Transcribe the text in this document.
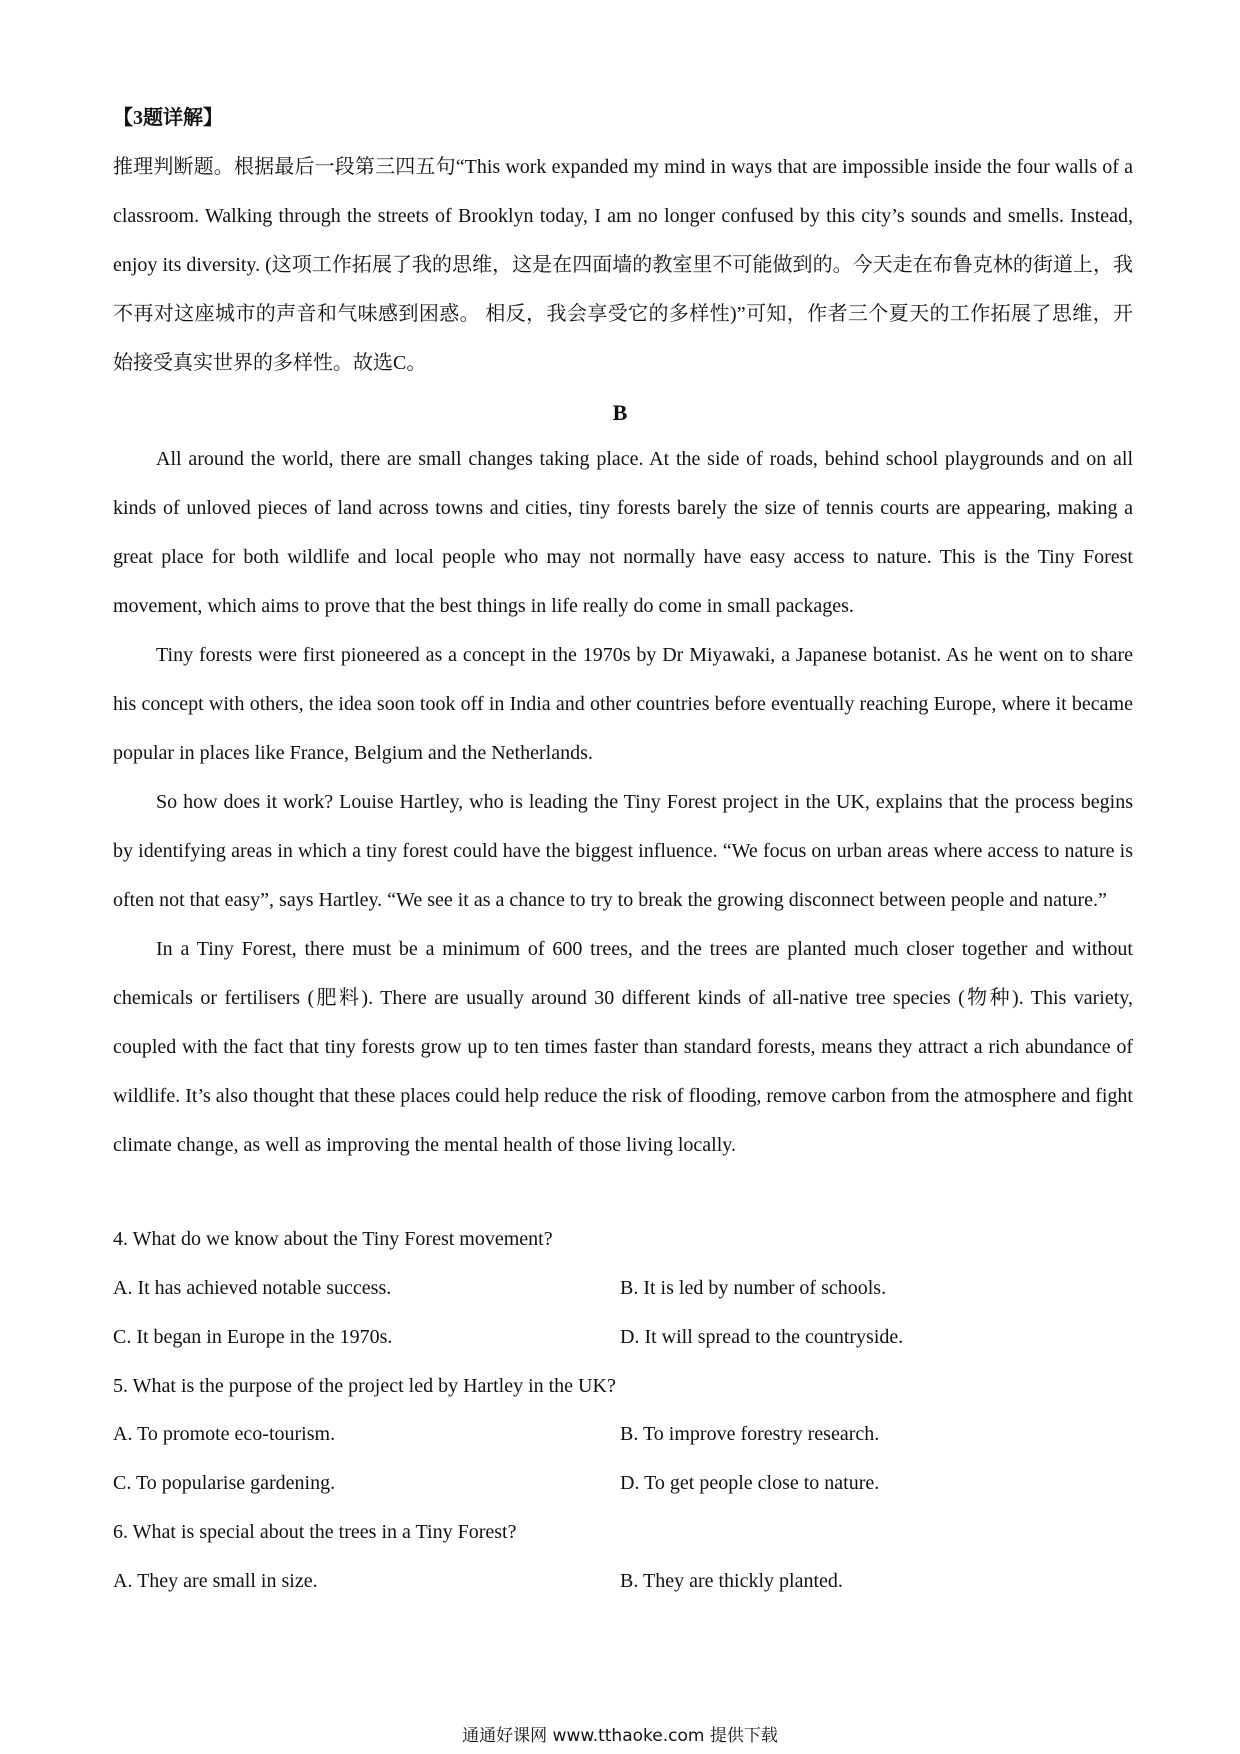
【3题详解】

推理判断题。根据最后一段第三四五句“This work expanded my mind in ways that are impossible inside the four walls of a classroom. Walking through the streets of Brooklyn today, I am no longer confused by this city’s sounds and smells. Instead, enjoy its diversity. (这项工作拓展了我的思维，这是在四面墙的教室里不可能做到的。今天走在布鲁克林的街道上，我不再对这座城市的声音和气味感到困惑。 相反，我会享受它的多样性)”可知，作者三个夏天的工作拓展了思维，开始接受真实世界的多样性。故选C。

B

All around the world, there are small changes taking place. At the side of roads, behind school playgrounds and on all kinds of unloved pieces of land across towns and cities, tiny forests barely the size of tennis courts are appearing, making a great place for both wildlife and local people who may not normally have easy access to nature. This is the Tiny Forest movement, which aims to prove that the best things in life really do come in small packages.

Tiny forests were first pioneered as a concept in the 1970s by Dr Miyawaki, a Japanese botanist. As he went on to share his concept with others, the idea soon took off in India and other countries before eventually reaching Europe, where it became popular in places like France, Belgium and the Netherlands.

So how does it work? Louise Hartley, who is leading the Tiny Forest project in the UK, explains that the process begins by identifying areas in which a tiny forest could have the biggest influence. “We focus on urban areas where access to nature is often not that easy”, says Hartley. “We see it as a chance to try to break the growing disconnect between people and nature.”

In a Tiny Forest, there must be a minimum of 600 trees, and the trees are planted much closer together and without chemicals or fertilisers (肥料). There are usually around 30 different kinds of all-native tree species (物种). This variety, coupled with the fact that tiny forests grow up to ten times faster than standard forests, means they attract a rich abundance of wildlife. It’s also thought that these places could help reduce the risk of flooding, remove carbon from the atmosphere and fight climate change, as well as improving the mental health of those living locally.

4. What do we know about the Tiny Forest movement?
A. It has achieved notable success.	B. It is led by number of schools.
C. It began in Europe in the 1970s.	D. It will spread to the countryside.
5. What is the purpose of the project led by Hartley in the UK?
A. To promote eco-tourism.	B. To improve forestry research.
C. To popularise gardening.	D. To get people close to nature.
6. What is special about the trees in a Tiny Forest?
A. They are small in size.	B. They are thickly planted.
通通好课网 www.tthaoke.com 提供下载
